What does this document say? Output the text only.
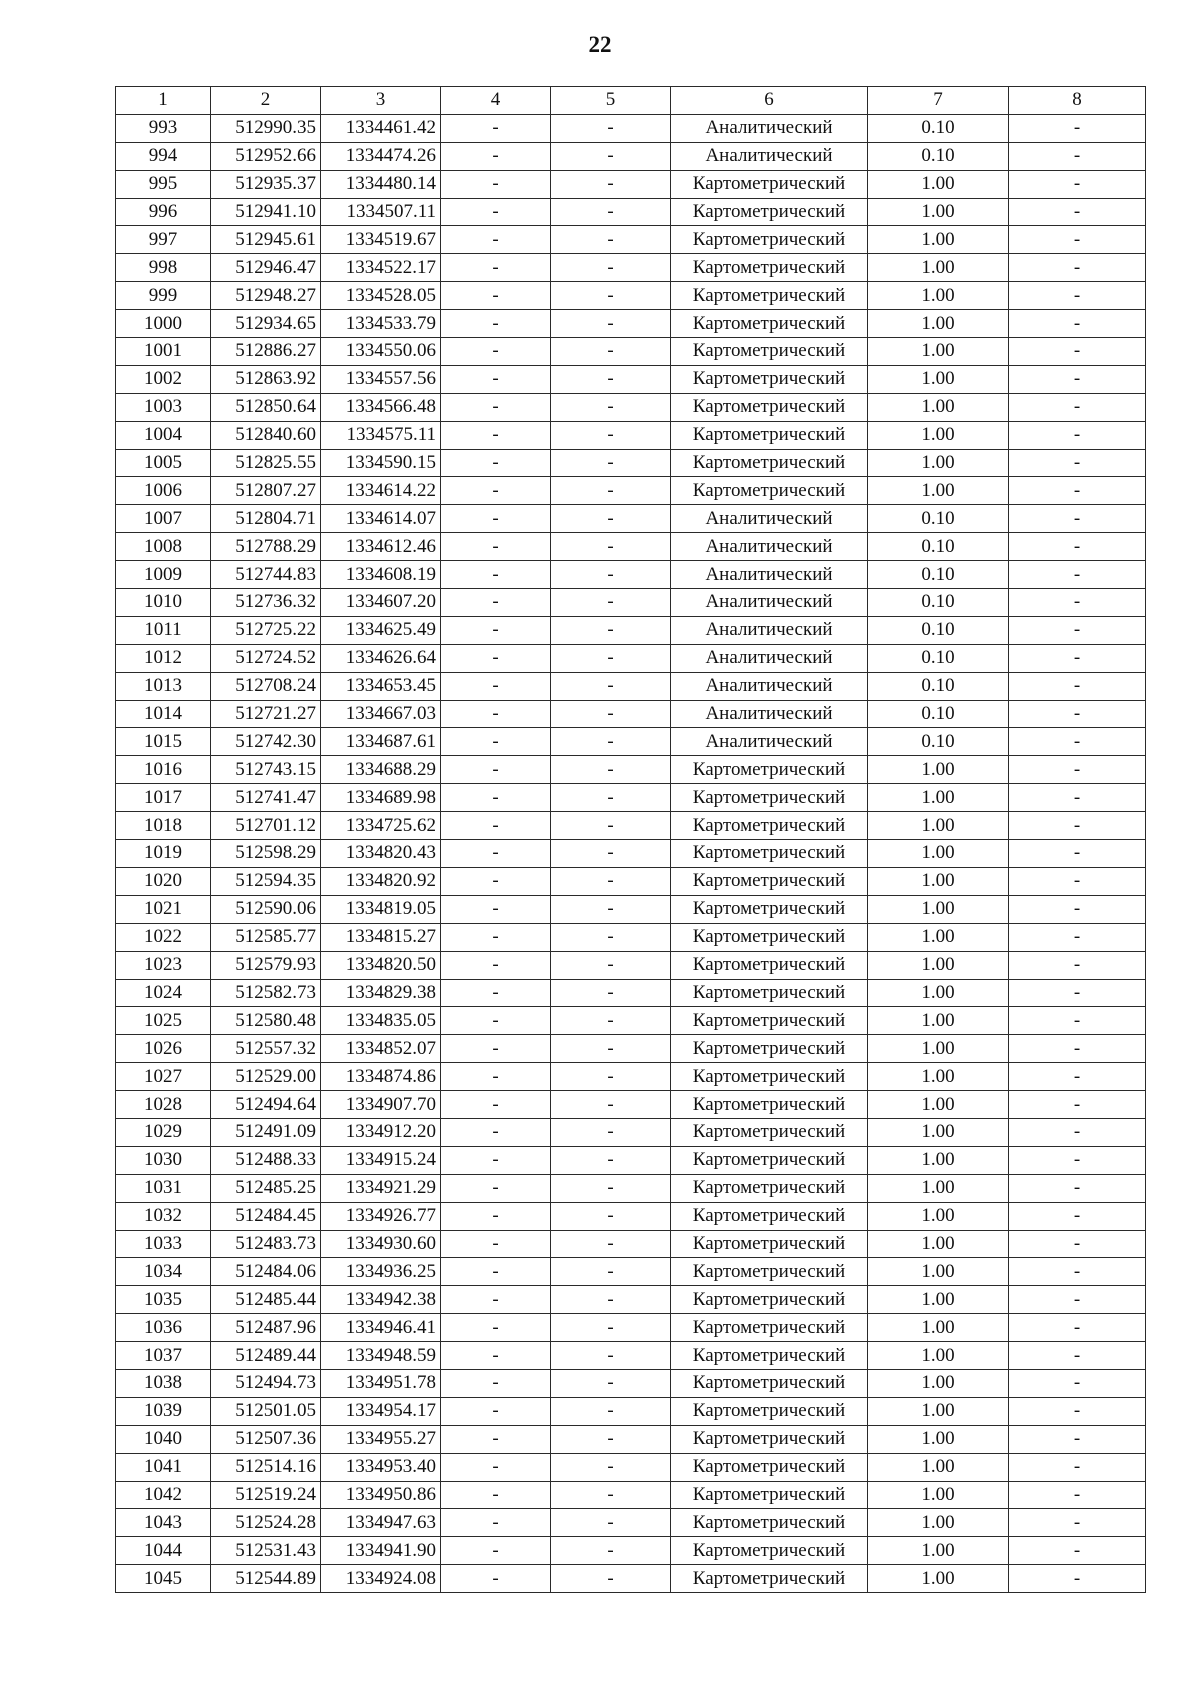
22
1	2	3	4	5	6	7	8
993	512990.35	1334461.42	-	-	Аналитический	0.10	-
994	512952.66	1334474.26	-	-	Аналитический	0.10	-
995	512935.37	1334480.14	-	-	Картометрический	1.00	-
996	512941.10	1334507.11	-	-	Картометрический	1.00	-
997	512945.61	1334519.67	-	-	Картометрический	1.00	-
998	512946.47	1334522.17	-	-	Картометрический	1.00	-
999	512948.27	1334528.05	-	-	Картометрический	1.00	-
1000	512934.65	1334533.79	-	-	Картометрический	1.00	-
1001	512886.27	1334550.06	-	-	Картометрический	1.00	-
1002	512863.92	1334557.56	-	-	Картометрический	1.00	-
1003	512850.64	1334566.48	-	-	Картометрический	1.00	-
1004	512840.60	1334575.11	-	-	Картометрический	1.00	-
1005	512825.55	1334590.15	-	-	Картометрический	1.00	-
1006	512807.27	1334614.22	-	-	Картометрический	1.00	-
1007	512804.71	1334614.07	-	-	Аналитический	0.10	-
1008	512788.29	1334612.46	-	-	Аналитический	0.10	-
1009	512744.83	1334608.19	-	-	Аналитический	0.10	-
1010	512736.32	1334607.20	-	-	Аналитический	0.10	-
1011	512725.22	1334625.49	-	-	Аналитический	0.10	-
1012	512724.52	1334626.64	-	-	Аналитический	0.10	-
1013	512708.24	1334653.45	-	-	Аналитический	0.10	-
1014	512721.27	1334667.03	-	-	Аналитический	0.10	-
1015	512742.30	1334687.61	-	-	Аналитический	0.10	-
1016	512743.15	1334688.29	-	-	Картометрический	1.00	-
1017	512741.47	1334689.98	-	-	Картометрический	1.00	-
1018	512701.12	1334725.62	-	-	Картометрический	1.00	-
1019	512598.29	1334820.43	-	-	Картометрический	1.00	-
1020	512594.35	1334820.92	-	-	Картометрический	1.00	-
1021	512590.06	1334819.05	-	-	Картометрический	1.00	-
1022	512585.77	1334815.27	-	-	Картометрический	1.00	-
1023	512579.93	1334820.50	-	-	Картометрический	1.00	-
1024	512582.73	1334829.38	-	-	Картометрический	1.00	-
1025	512580.48	1334835.05	-	-	Картометрический	1.00	-
1026	512557.32	1334852.07	-	-	Картометрический	1.00	-
1027	512529.00	1334874.86	-	-	Картометрический	1.00	-
1028	512494.64	1334907.70	-	-	Картометрический	1.00	-
1029	512491.09	1334912.20	-	-	Картометрический	1.00	-
1030	512488.33	1334915.24	-	-	Картометрический	1.00	-
1031	512485.25	1334921.29	-	-	Картометрический	1.00	-
1032	512484.45	1334926.77	-	-	Картометрический	1.00	-
1033	512483.73	1334930.60	-	-	Картометрический	1.00	-
1034	512484.06	1334936.25	-	-	Картометрический	1.00	-
1035	512485.44	1334942.38	-	-	Картометрический	1.00	-
1036	512487.96	1334946.41	-	-	Картометрический	1.00	-
1037	512489.44	1334948.59	-	-	Картометрический	1.00	-
1038	512494.73	1334951.78	-	-	Картометрический	1.00	-
1039	512501.05	1334954.17	-	-	Картометрический	1.00	-
1040	512507.36	1334955.27	-	-	Картометрический	1.00	-
1041	512514.16	1334953.40	-	-	Картометрический	1.00	-
1042	512519.24	1334950.86	-	-	Картометрический	1.00	-
1043	512524.28	1334947.63	-	-	Картометрический	1.00	-
1044	512531.43	1334941.90	-	-	Картометрический	1.00	-
1045	512544.89	1334924.08	-	-	Картометрический	1.00	-
